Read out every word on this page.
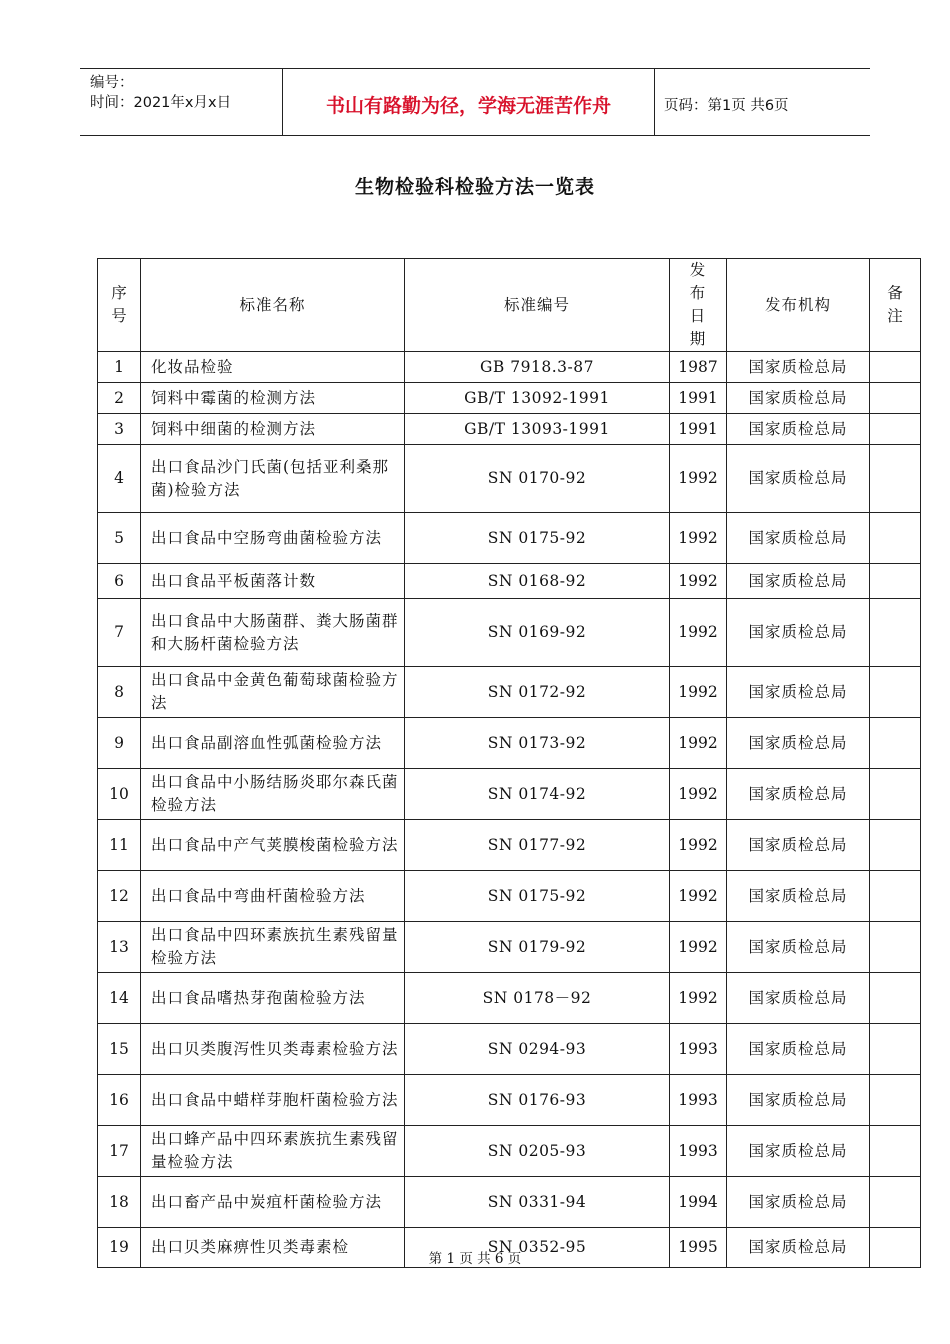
编号：
时间：2021年x月x日	书山有路勤为径，学海无涯苦作舟	页码：第1页 共6页
生物检验科检验方法一览表
序号	标准名称	标准编号	发布日期	发布机构	备注
1	化妆品检验	GB 7918.3-87	1987	国家质检总局	
2	饲料中霉菌的检测方法	GB/T 13092-1991	1991	国家质检总局	
3	饲料中细菌的检测方法	GB/T 13093-1991	1991	国家质检总局	
4	出口食品沙门氏菌(包括亚利桑那菌)检验方法	SN 0170-92	1992	国家质检总局	
5	出口食品中空肠弯曲菌检验方法	SN 0175-92	1992	国家质检总局	
6	出口食品平板菌落计数	SN 0168-92	1992	国家质检总局	
7	出口食品中大肠菌群、粪大肠菌群和大肠杆菌检验方法	SN 0169-92	1992	国家质检总局	
8	出口食品中金黄色葡萄球菌检验方法	SN 0172-92	1992	国家质检总局	
9	出口食品副溶血性弧菌检验方法	SN 0173-92	1992	国家质检总局	
10	出口食品中小肠结肠炎耶尔森氏菌检验方法	SN 0174-92	1992	国家质检总局	
11	出口食品中产气荚膜梭菌检验方法	SN 0177-92	1992	国家质检总局	
12	出口食品中弯曲杆菌检验方法	SN 0175-92	1992	国家质检总局	
13	出口食品中四环素族抗生素残留量检验方法	SN 0179-92	1992	国家质检总局	
14	出口食品嗜热芽孢菌检验方法	SN 0178－92	1992	国家质检总局	
15	出口贝类腹泻性贝类毒素检验方法	SN 0294-93	1993	国家质检总局	
16	出口食品中蜡样芽胞杆菌检验方法	SN 0176-93	1993	国家质检总局	
17	出口蜂产品中四环素族抗生素残留量检验方法	SN 0205-93	1993	国家质检总局	
18	出口畜产品中炭疽杆菌检验方法	SN 0331-94	1994	国家质检总局	
19	出口贝类麻痹性贝类毒素检	SN 0352-95	1995	国家质检总局	
第 1 页 共 6 页
